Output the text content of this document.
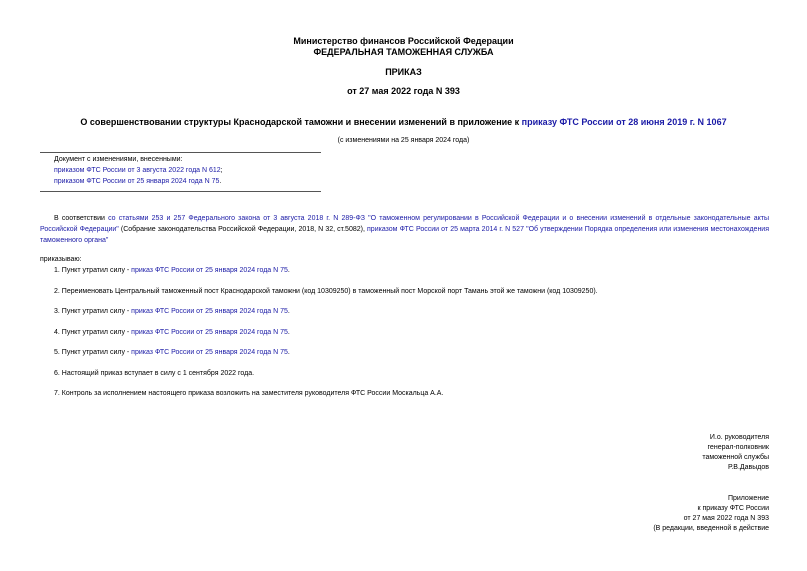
Министерство финансов Российской Федерации
ФЕДЕРАЛЬНАЯ ТАМОЖЕННАЯ СЛУЖБА
ПРИКАЗ
от 27 мая 2022 года N 393
О совершенствовании структуры Краснодарской таможни и внесении изменений в приложение к приказу ФТС России от 28 июня 2019 г. N 1067
(с изменениями на 25 января 2024 года)
Документ с изменениями, внесенными:
приказом ФТС России от 3 августа 2022 года N 612;
приказом ФТС России от 25 января 2024 года N 75.
В соответствии со статьями 253 и 257 Федерального закона от 3 августа 2018 г. N 289-ФЗ "О таможенном регулировании в Российской Федерации и о внесении изменений в отдельные законодательные акты Российской Федерации" (Собрание законодательства Российской Федерации, 2018, N 32, ст.5082), приказом ФТС России от 25 марта 2014 г. N 527 "Об утверждении Порядка определения или изменения местонахождения таможенного органа"
приказываю:
1. Пункт утратил силу - приказ ФТС России от 25 января 2024 года N 75.
2. Переименовать Центральный таможенный пост Краснодарской таможни (код 10309250) в таможенный пост Морской порт Тамань этой же таможни (код 10309250).
3. Пункт утратил силу - приказ ФТС России от 25 января 2024 года N 75.
4. Пункт утратил силу - приказ ФТС России от 25 января 2024 года N 75.
5. Пункт утратил силу - приказ ФТС России от 25 января 2024 года N 75.
6. Настоящий приказ вступает в силу с 1 сентября 2022 года.
7. Контроль за исполнением настоящего приказа возложить на заместителя руководителя ФТС России Москальца А.А.
И.о. руководителя
генерал-полковник
таможенной службы
Р.В.Давыдов
Приложение
к приказу ФТС России
от 27 мая 2022 года N 393
(В редакции, введенной в действие
